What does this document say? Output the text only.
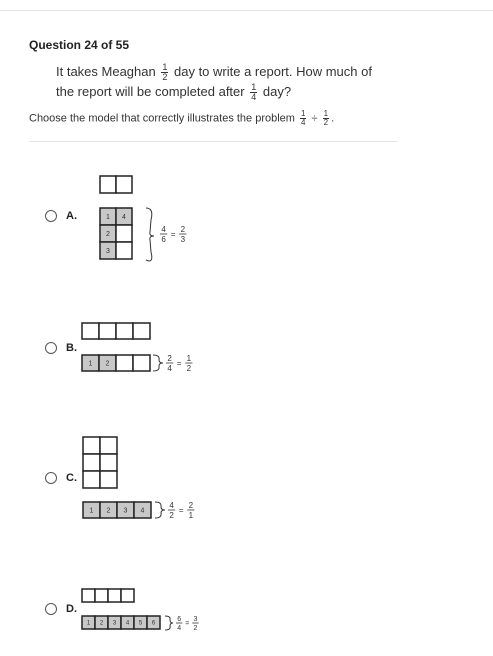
Question 24 of 55
It takes Meaghan $\frac{1}{2}$ day to write a report. How much of the report will be completed after $\frac{1}{4}$ day?
Choose the model that correctly illustrates the problem $\frac{1}{4} \div \frac{1}{2}$ .
A.	1 4
2
3
4
6
=
2
3
B.
1 2
2
4
=
1
2
C.
1 2 3 4
4
2
=
2
1
D.
1 2 3 4 5 6
6
4
=
3
2
